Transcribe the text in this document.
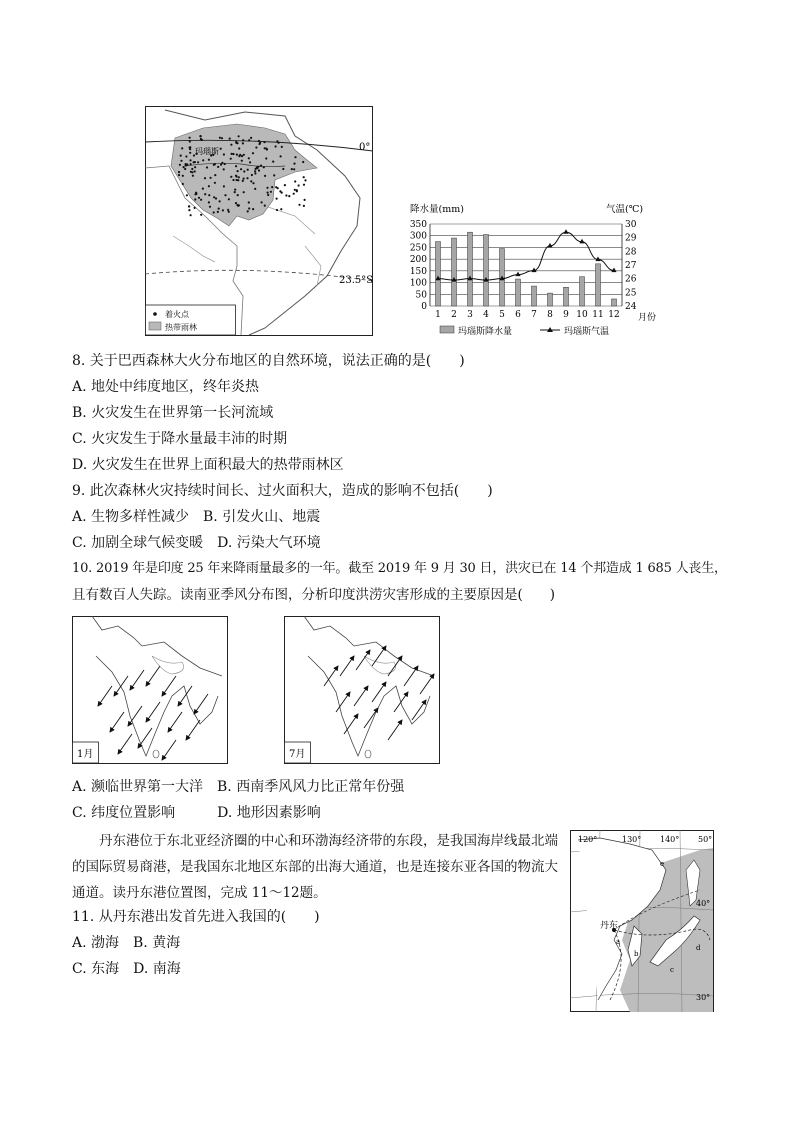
玛瑙斯	0°
23.5°S
着火点
热带雨林
降水量(mm)	气温(℃)
0
50
100
150
200
250
300
350
24
25
26
27
28
29
30
1 2 3 4 5 6 7 8 9 10 11 12 月份
玛瑙斯降水量	玛瑙斯气温
8. 关于巴西森林大火分布地区的自然环境，说法正确的是(　　)
A. 地处中纬度地区，终年炎热
B. 火灾发生在世界第一长河流域
C. 火灾发生于降水量最丰沛的时期
D. 火灾发生在世界上面积最大的热带雨林区
9. 此次森林火灾持续时间长、过火面积大，造成的影响不包括(　　)
A. 生物多样性减少　B. 引发火山、地震
C. 加剧全球气候变暖　D. 污染大气环境
10. 2019 年是印度 25 年来降雨量最多的一年。截至 2019 年 9 月 30 日，洪灾已在 14 个邦造成 1 685 人丧生，
且有数百人失踪。读南亚季风分布图，分析印度洪涝灾害形成的主要原因是(　　)
1月	7月
A. 濒临世界第一大洋　B. 西南季风风力比正常年份强
C. 纬度位置影响　　　D. 地形因素影响

丹东港位于东北亚经济圈的中心和环渤海经济带的东段，是我国海岸线最北端的国际贸易商港，是我国东北地区东部的出海大通道，也是连接东亚各国的物流大通道。读丹东港位置图，完成 11～12题。

11. 从丹东港出发首先进入我国的(　　)
A. 渤海　B. 黄海
C. 东海　D. 南海
120°	130° 140° 50°
40°
30°
丹东
a
b
c
d
e
